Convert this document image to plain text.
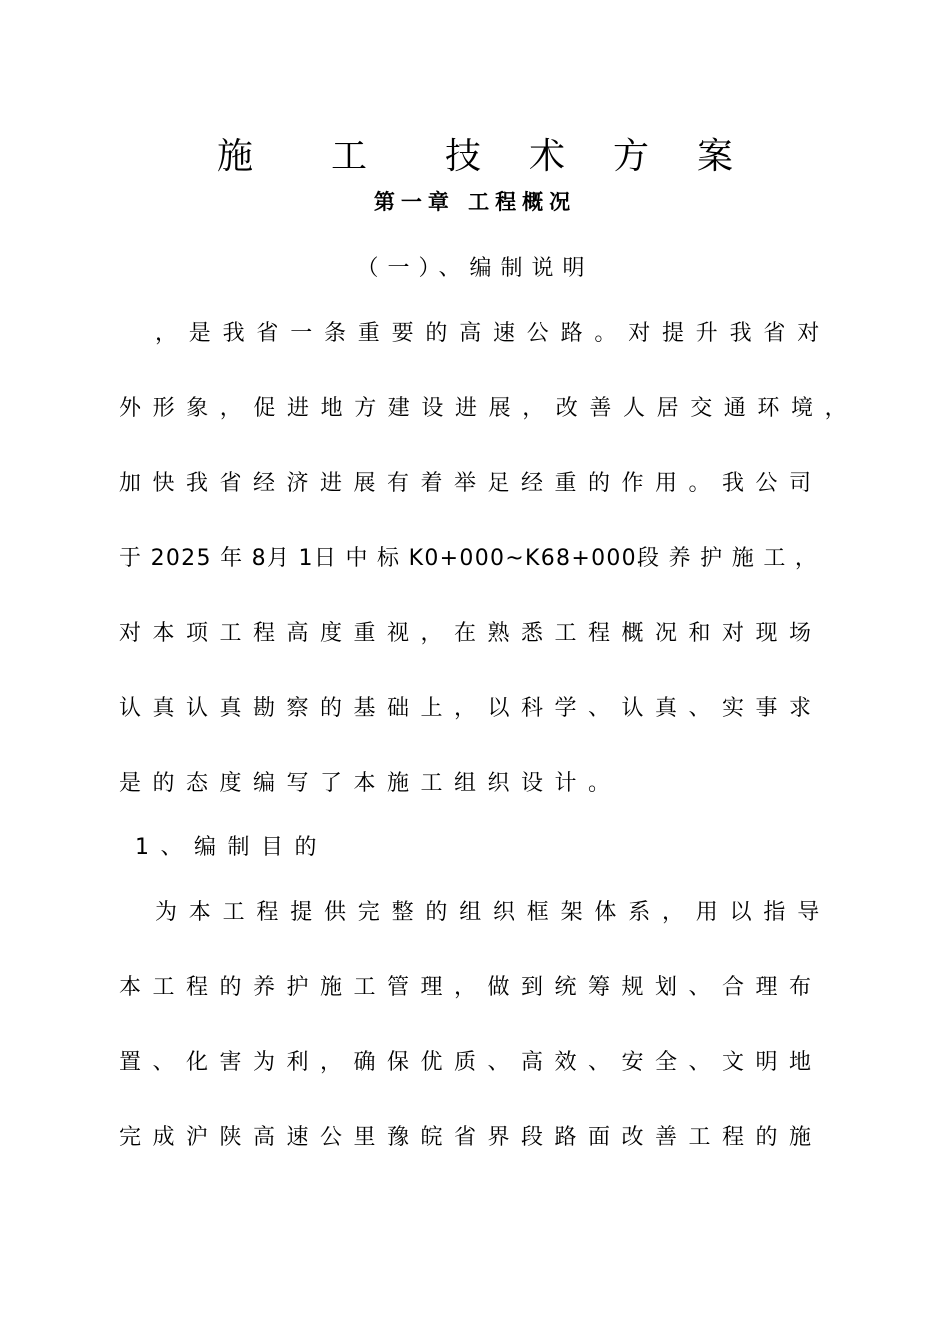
施 工 技 术 方 案
第一章 工程概况
（一）、编制说明
，是我省一条重要的高速公路。对提升我省对
外形象，促进地方建设进展，改善人居交通环境，
加快我省经济进展有着举足经重的作用。我公司
于 2025 年 8月 1日 中 标 K0+000~K68+000段 养 护 施 工 ，
对本项工程高度重视，在熟悉工程概况和对现场
认真认真勘察的基础上，以科学、认真、实事求
是的态度编写了本施工组织设计。
1、编制目的
为本工程提供完整的组织框架体系，用以指导
本工程的养护施工管理，做到统筹规划、合理布
置、化害为利，确保优质、高效、安全、文明地
完成沪陕高速公里豫皖省界段路面改善工程的施
